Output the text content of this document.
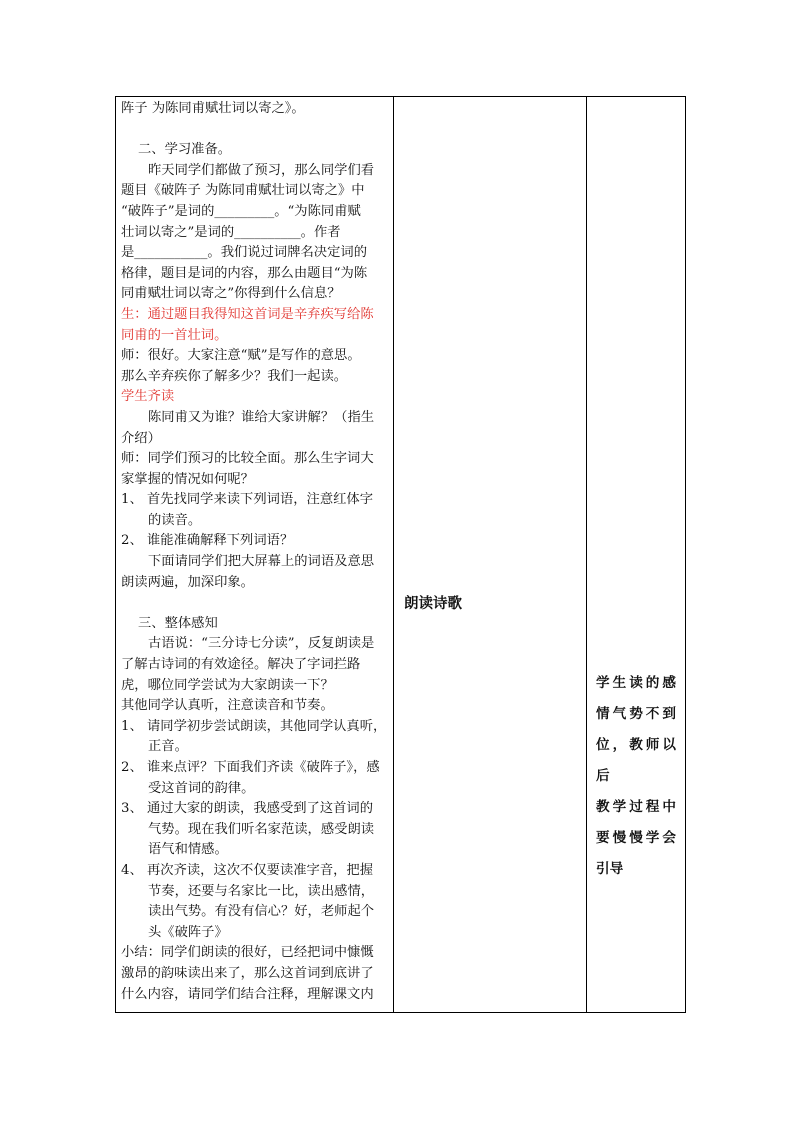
阵子 为陈同甫赋壮词以寄之》。
二、学习准备。
昨天同学们都做了预习，那么同学们看
题目《破阵子 为陈同甫赋壮词以寄之》中
“破阵子”是词的_________。“为陈同甫赋
壮词以寄之”是词的__________。作者
是___________。我们说过词牌名决定词的
格律，题目是词的内容，那么由题目“为陈
同甫赋壮词以寄之”你得到什么信息？
生：通过题目我得知这首词是辛弃疾写给陈
同甫的一首壮词。
师：很好。大家注意“赋”是写作的意思。
那么辛弃疾你了解多少？我们一起读。
学生齐读
陈同甫又为谁？谁给大家讲解？（指生
介绍）
师：同学们预习的比较全面。那么生字词大
家掌握的情况如何呢？
1、 首先找同学来读下列词语，注意红体字
的读音。
2、 谁能准确解释下列词语？
下面请同学们把大屏幕上的词语及意思
朗读两遍，加深印象。
三、整体感知
古语说：“三分诗七分读”，反复朗读是
了解古诗词的有效途径。解决了字词拦路
虎，哪位同学尝试为大家朗读一下？
其他同学认真听，注意读音和节奏。
1、 请同学初步尝试朗读，其他同学认真听，
正音。
2、 谁来点评？下面我们齐读《破阵子》，感
受这首词的韵律。
3、 通过大家的朗读，我感受到了这首词的
气势。现在我们听名家范读，感受朗读
语气和情感。
4、 再次齐读，这次不仅要读准字音，把握
节奏，还要与名家比一比，读出感情，
读出气势。有没有信心？好，老师起个
头《破阵子》
小结：同学们朗读的很好，已经把词中慷慨
激昂的韵味读出来了，那么这首词到底讲了
什么内容，请同学们结合注释，理解课文内

朗读诗歌

学生读的感
情气势不到
位，教师以后
教学过程中
要慢慢学会
引导
